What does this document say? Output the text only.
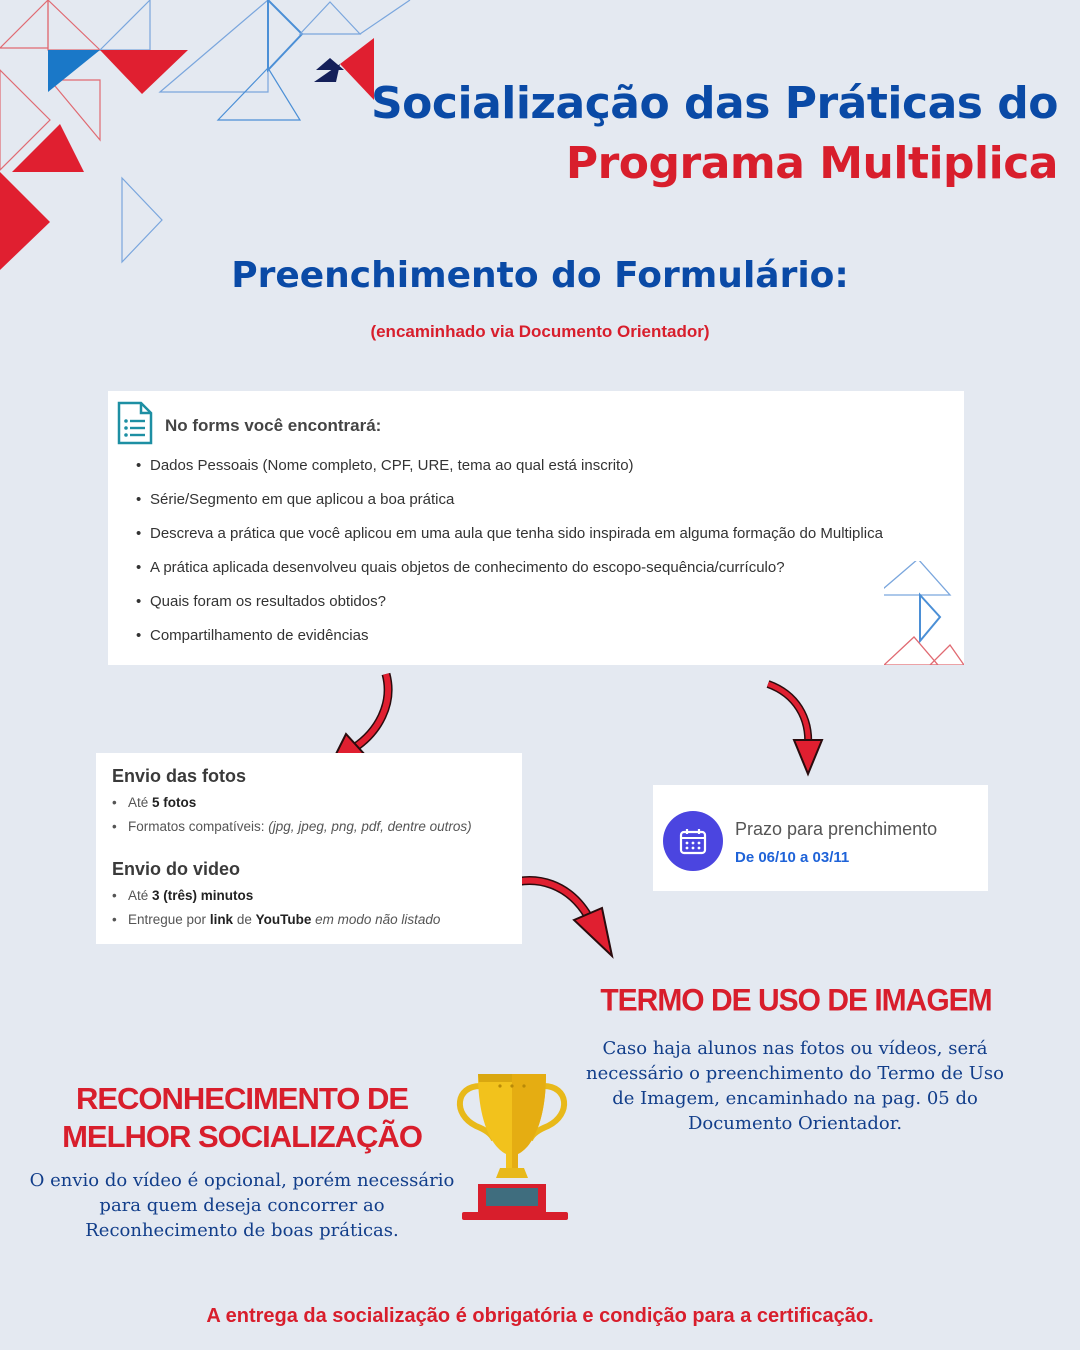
Socialização das Práticas do
Programa Multiplica
Preenchimento do Formulário:
(encaminhado via Documento Orientador)
No forms você encontrará:
• Dados Pessoais (Nome completo, CPF, URE, tema ao qual está inscrito)
• Série/Segmento em que aplicou a boa prática
• Descreva a prática que você aplicou em uma aula que tenha sido inspirada em alguma formação do Multiplica
• A prática aplicada desenvolveu quais objetos de conhecimento do escopo-sequência/currículo?
• Quais foram os resultados obtidos?
• Compartilhamento de evidências
Envio das fotos
• Até 5 fotos
• Formatos compatíveis: (jpg, jpeg, png, pdf, dentre outros)
Envio do video
• Até 3 (três) minutos
• Entregue por link de YouTube em modo não listado
Prazo para prenchimento
De 06/10 a 03/11
TERMO DE USO DE IMAGEM
Caso haja alunos nas fotos ou vídeos, será necessário o preenchimento do Termo de Uso de Imagem, encaminhado na pag. 05 do Documento Orientador.
RECONHECIMENTO DE
MELHOR SOCIALIZAÇÃO
O envio do vídeo é opcional, porém necessário para quem deseja concorrer ao Reconhecimento de boas práticas.
A entrega da socialização é obrigatória e condição para a certificação.
